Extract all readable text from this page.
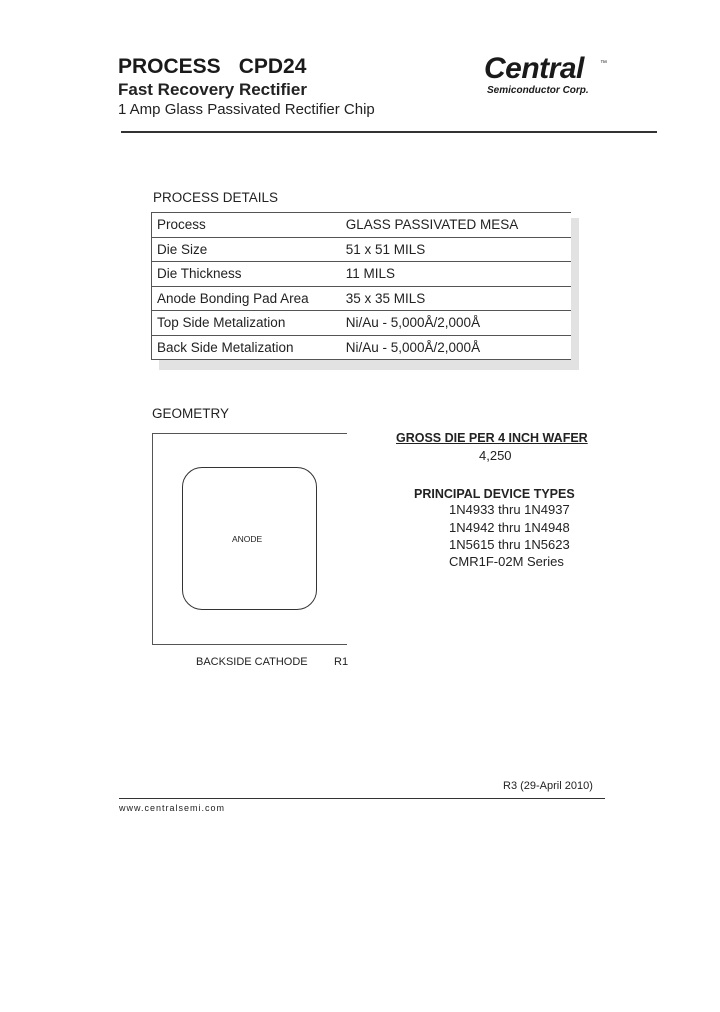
PROCESS CPD24
Fast Recovery Rectifier
1 Amp Glass Passivated Rectifier Chip
Central ™
Semiconductor Corp.
PROCESS DETAILS
Process	GLASS PASSIVATED MESA
Die Size	51 x 51 MILS
Die Thickness	11 MILS
Anode Bonding Pad Area	35 x 35 MILS
Top Side Metalization	Ni/Au - 5,000Å/2,000Å
Back Side Metalization	Ni/Au - 5,000Å/2,000Å
GEOMETRY
ANODE
BACKSIDE CATHODE R1
GROSS DIE PER 4 INCH WAFER
4,250
PRINCIPAL DEVICE TYPES
1N4933 thru 1N4937
1N4942 thru 1N4948
1N5615 thru 1N5623
CMR1F-02M Series
R3 (29-April 2010)
www.centralsemi.com
